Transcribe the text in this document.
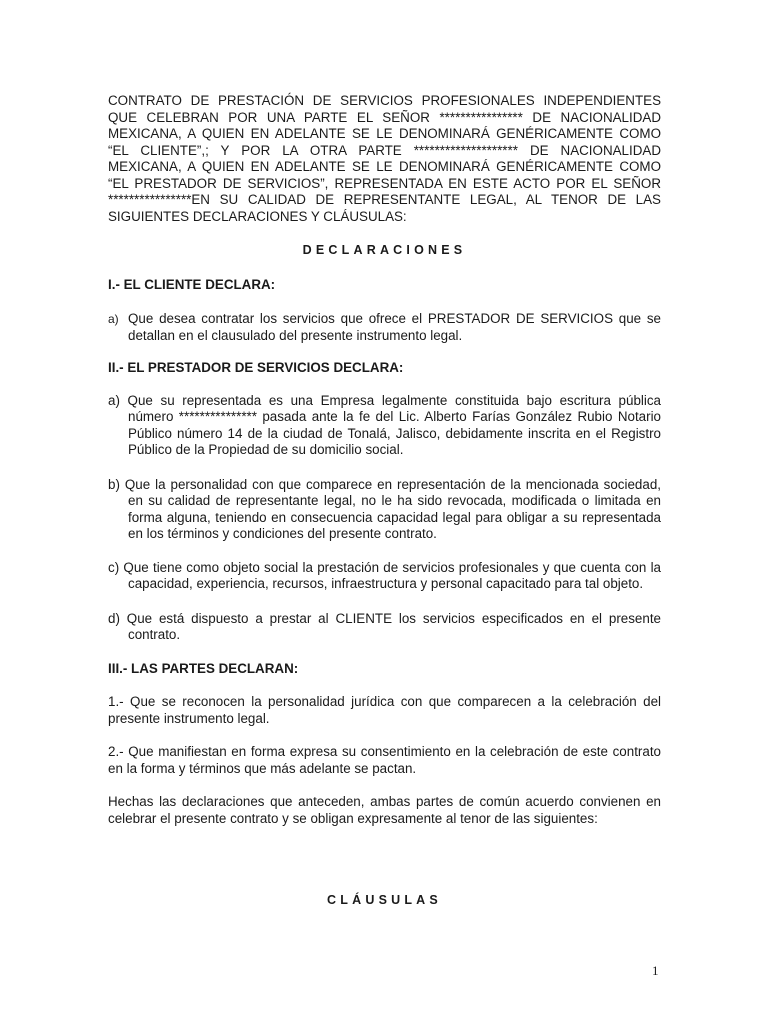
CONTRATO DE PRESTACIÓN DE SERVICIOS PROFESIONALES INDEPENDIENTES QUE CELEBRAN POR UNA PARTE EL SEÑOR **************** DE NACIONALIDAD MEXICANA, A QUIEN EN ADELANTE SE LE DENOMINARÁ GENÉRICAMENTE COMO “EL CLIENTE”,; Y POR LA OTRA PARTE ******************** DE NACIONALIDAD MEXICANA, A QUIEN EN ADELANTE SE LE DENOMINARÁ GENÉRICAMENTE COMO “EL PRESTADOR DE SERVICIOS”, REPRESENTADA EN ESTE ACTO POR EL SEÑOR ****************EN SU CALIDAD DE REPRESENTANTE LEGAL, AL TENOR DE LAS SIGUIENTES DECLARACIONES Y CLÁUSULAS:

DECLARACIONES

I.- EL CLIENTE DECLARA:

a) Que desea contratar los servicios que ofrece el PRESTADOR DE SERVICIOS que se detallan en el clausulado del presente instrumento legal.

II.- EL PRESTADOR DE SERVICIOS DECLARA:

a) Que su representada es una Empresa legalmente constituida bajo escritura pública número *************** pasada ante la fe del Lic. Alberto Farías González Rubio Notario Público número 14 de la ciudad de Tonalá, Jalisco, debidamente inscrita en el Registro Público de la Propiedad de su domicilio social.

b) Que la personalidad con que comparece en representación de la mencionada sociedad, en su calidad de representante legal, no le ha sido revocada, modificada o limitada en forma alguna, teniendo en consecuencia capacidad legal para obligar a su representada en los términos y condiciones del presente contrato.

c) Que tiene como objeto social la prestación de servicios profesionales y que cuenta con la capacidad, experiencia, recursos, infraestructura y personal capacitado para tal objeto.

d) Que está dispuesto a prestar al CLIENTE los servicios especificados en el presente contrato.

III.- LAS PARTES DECLARAN:

1.- Que se reconocen la personalidad jurídica con que comparecen a la celebración del presente instrumento legal.

2.- Que manifiestan en forma expresa su consentimiento en la celebración de este contrato en la forma y términos que más adelante se pactan.

Hechas las declaraciones que anteceden, ambas partes de común acuerdo convienen en celebrar el presente contrato y se obligan expresamente al tenor de las siguientes:

CLÁUSULAS
1
